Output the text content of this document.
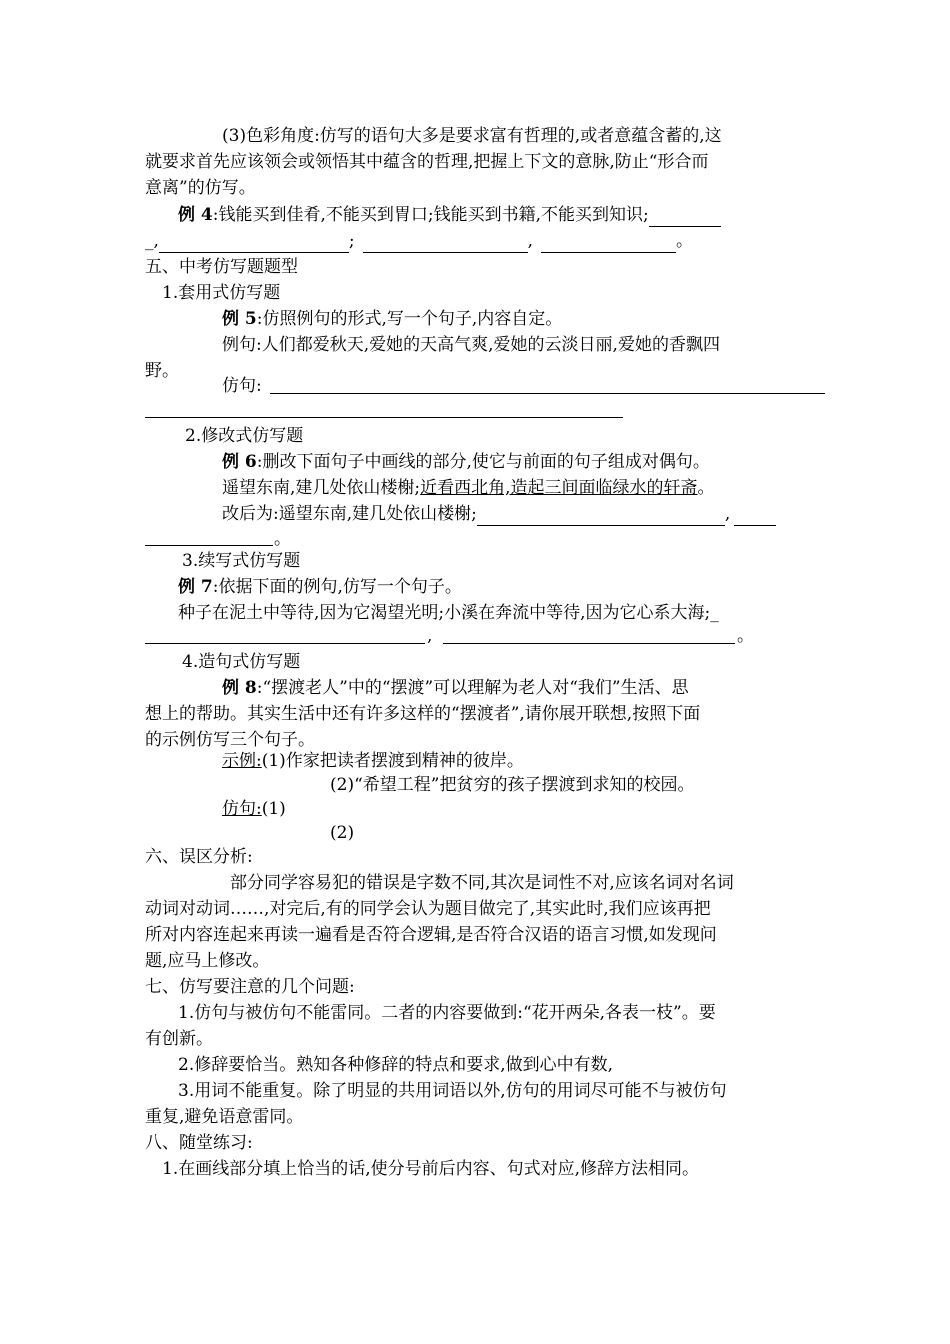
(3)色彩角度:仿写的语句大多是要求富有哲理的,或者意蕴含蓄的,这
就要求首先应该领会或领悟其中蕴含的哲理,把握上下文的意脉,防止“形合而
意离”的仿写。
例 4:钱能买到佳肴,不能买到胃口;钱能买到书籍,不能买到知识;
_,	;	,	。
五、中考仿写题题型
1.套用式仿写题
例 5:仿照例句的形式,写一个句子,内容自定。
例句:人们都爱秋天,爱她的天高气爽,爱她的云淡日丽,爱她的香飘四
野。
仿句:
2.修改式仿写题
例 6:删改下面句子中画线的部分,使它与前面的句子组成对偶句。
遥望东南,建几处依山楼榭;近看西北角,造起三间面临绿水的轩斋。
改后为:遥望东南,建几处依山楼榭;	,
。
3.续写式仿写题
例 7:依据下面的例句,仿写一个句子。
种子在泥土中等待,因为它渴望光明;小溪在奔流中等待,因为它心系大海;_
,	。
4.造句式仿写题
例 8:“摆渡老人”中的“摆渡”可以理解为老人对“我们”生活、思
想上的帮助。其实生活中还有许多这样的“摆渡者”,请你展开联想,按照下面
的示例仿写三个句子。
示例:(1)作家把读者摆渡到精神的彼岸。
(2)“希望工程”把贫穷的孩子摆渡到求知的校园。
仿句:(1)
(2)
六、误区分析:
部分同学容易犯的错误是字数不同,其次是词性不对,应该名词对名词
动词对动词……,对完后,有的同学会认为题目做完了,其实此时,我们应该再把
所对内容连起来再读一遍看是否符合逻辑,是否符合汉语的语言习惯,如发现问
题,应马上修改。
七、仿写要注意的几个问题:
1.仿句与被仿句不能雷同。二者的内容要做到:“花开两朵,各表一枝”。要
有创新。
2.修辞要恰当。熟知各种修辞的特点和要求,做到心中有数,
3.用词不能重复。除了明显的共用词语以外,仿句的用词尽可能不与被仿句
重复,避免语意雷同。
八、随堂练习:
1.在画线部分填上恰当的话,使分号前后内容、句式对应,修辞方法相同。
